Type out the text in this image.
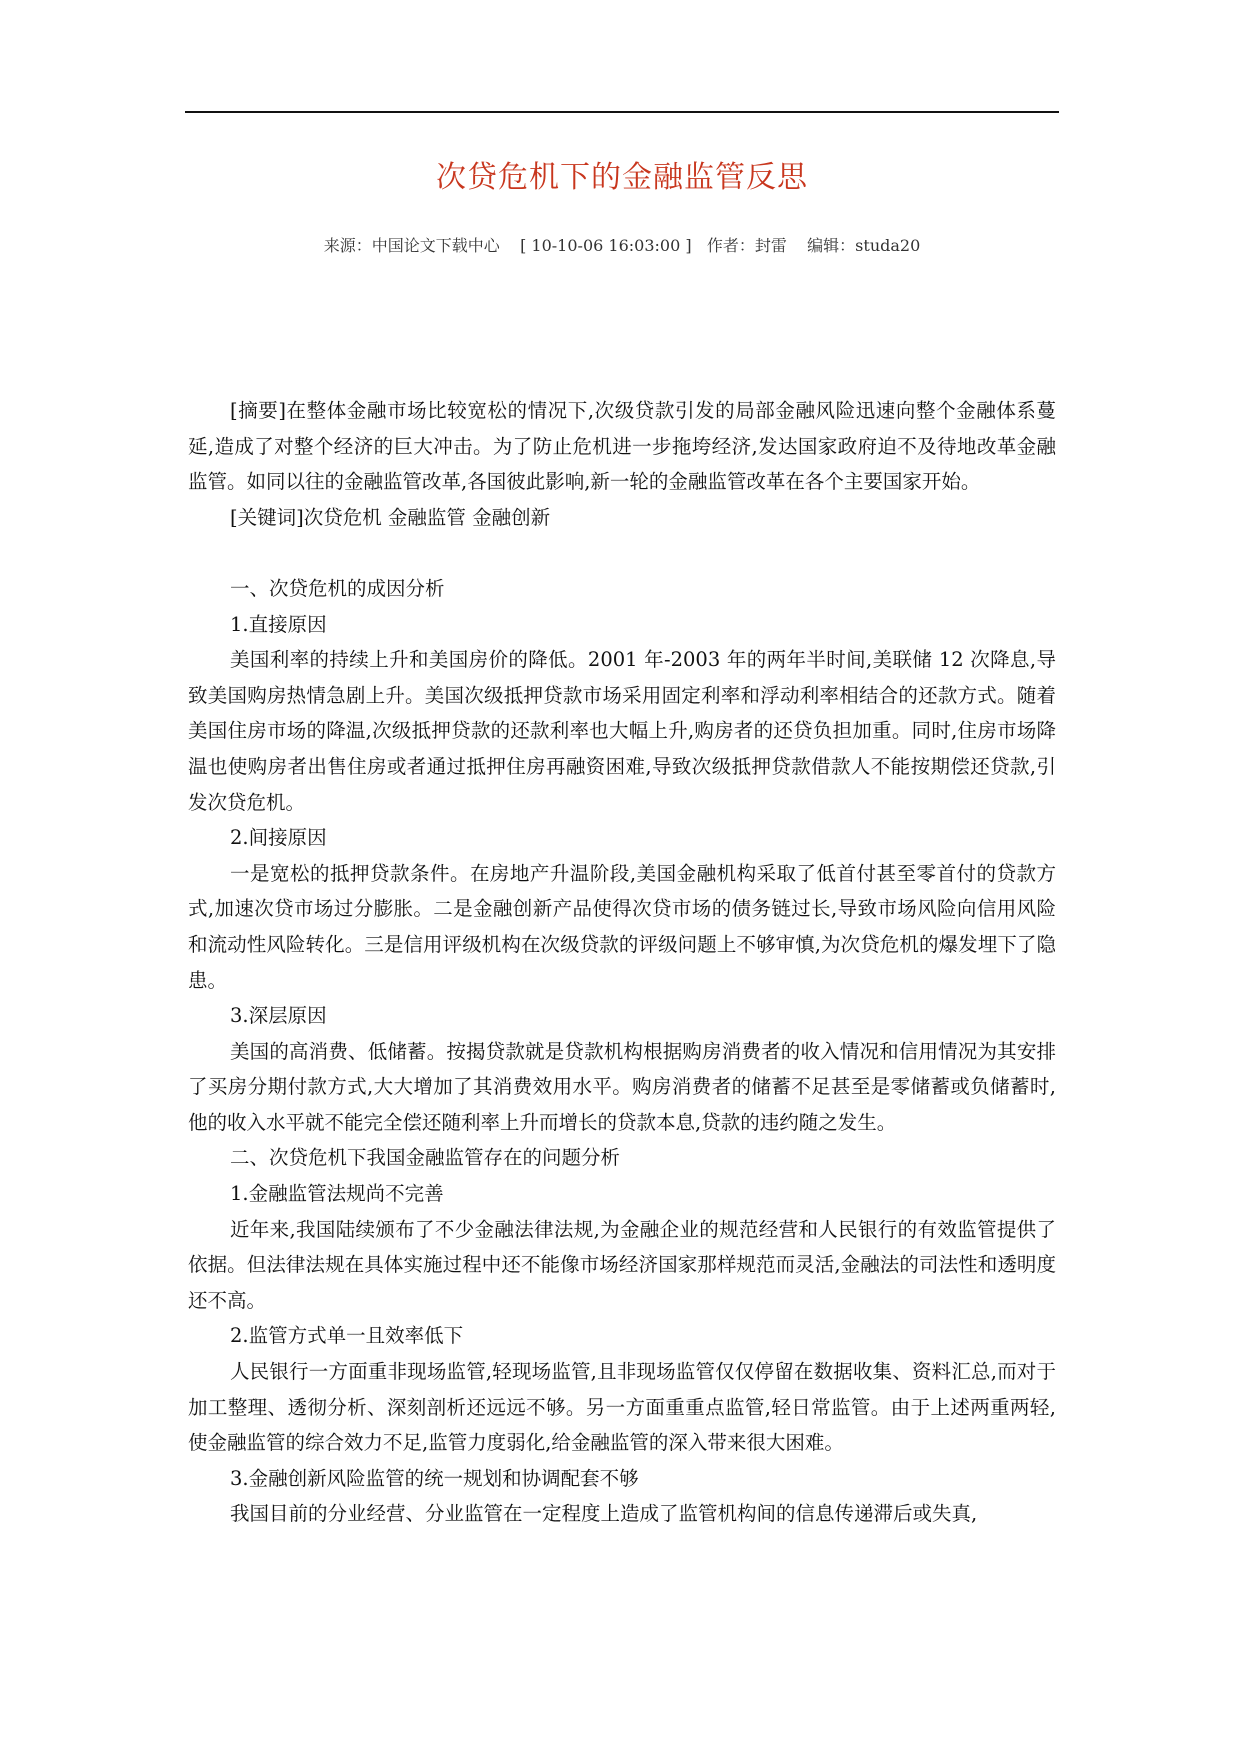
次贷危机下的金融监管反思
来源：中国论文下载中心    [ 10-10-06 16:03:00 ]   作者：封雷    编辑：studa20

[摘要]在整体金融市场比较宽松的情况下,次级贷款引发的局部金融风险迅速向整个金融体系蔓延,造成了对整个经济的巨大冲击。为了防止危机进一步拖垮经济,发达国家政府迫不及待地改革金融监管。如同以往的金融监管改革,各国彼此影响,新一轮的金融监管改革在各个主要国家开始。

[关键词]次贷危机 金融监管 金融创新

一、次贷危机的成因分析

1.直接原因

美国利率的持续上升和美国房价的降低。2001 年-2003 年的两年半时间,美联储 12 次降息,导致美国购房热情急剧上升。美国次级抵押贷款市场采用固定利率和浮动利率相结合的还款方式。随着美国住房市场的降温,次级抵押贷款的还款利率也大幅上升,购房者的还贷负担加重。同时,住房市场降温也使购房者出售住房或者通过抵押住房再融资困难,导致次级抵押贷款借款人不能按期偿还贷款,引发次贷危机。

2.间接原因

一是宽松的抵押贷款条件。在房地产升温阶段,美国金融机构采取了低首付甚至零首付的贷款方式,加速次贷市场过分膨胀。二是金融创新产品使得次贷市场的债务链过长,导致市场风险向信用风险和流动性风险转化。三是信用评级机构在次级贷款的评级问题上不够审慎,为次贷危机的爆发埋下了隐患。

3.深层原因

美国的高消费、低储蓄。按揭贷款就是贷款机构根据购房消费者的收入情况和信用情况为其安排了买房分期付款方式,大大增加了其消费效用水平。购房消费者的储蓄不足甚至是零储蓄或负储蓄时,他的收入水平就不能完全偿还随利率上升而增长的贷款本息,贷款的违约随之发生。

二、次贷危机下我国金融监管存在的问题分析

1.金融监管法规尚不完善

近年来,我国陆续颁布了不少金融法律法规,为金融企业的规范经营和人民银行的有效监管提供了依据。但法律法规在具体实施过程中还不能像市场经济国家那样规范而灵活,金融法的司法性和透明度还不高。

2.监管方式单一且效率低下

人民银行一方面重非现场监管,轻现场监管,且非现场监管仅仅停留在数据收集、资料汇总,而对于加工整理、透彻分析、深刻剖析还远远不够。另一方面重重点监管,轻日常监管。由于上述两重两轻,使金融监管的综合效力不足,监管力度弱化,给金融监管的深入带来很大困难。

3.金融创新风险监管的统一规划和协调配套不够

我国目前的分业经营、分业监管在一定程度上造成了监管机构间的信息传递滞后或失真,
